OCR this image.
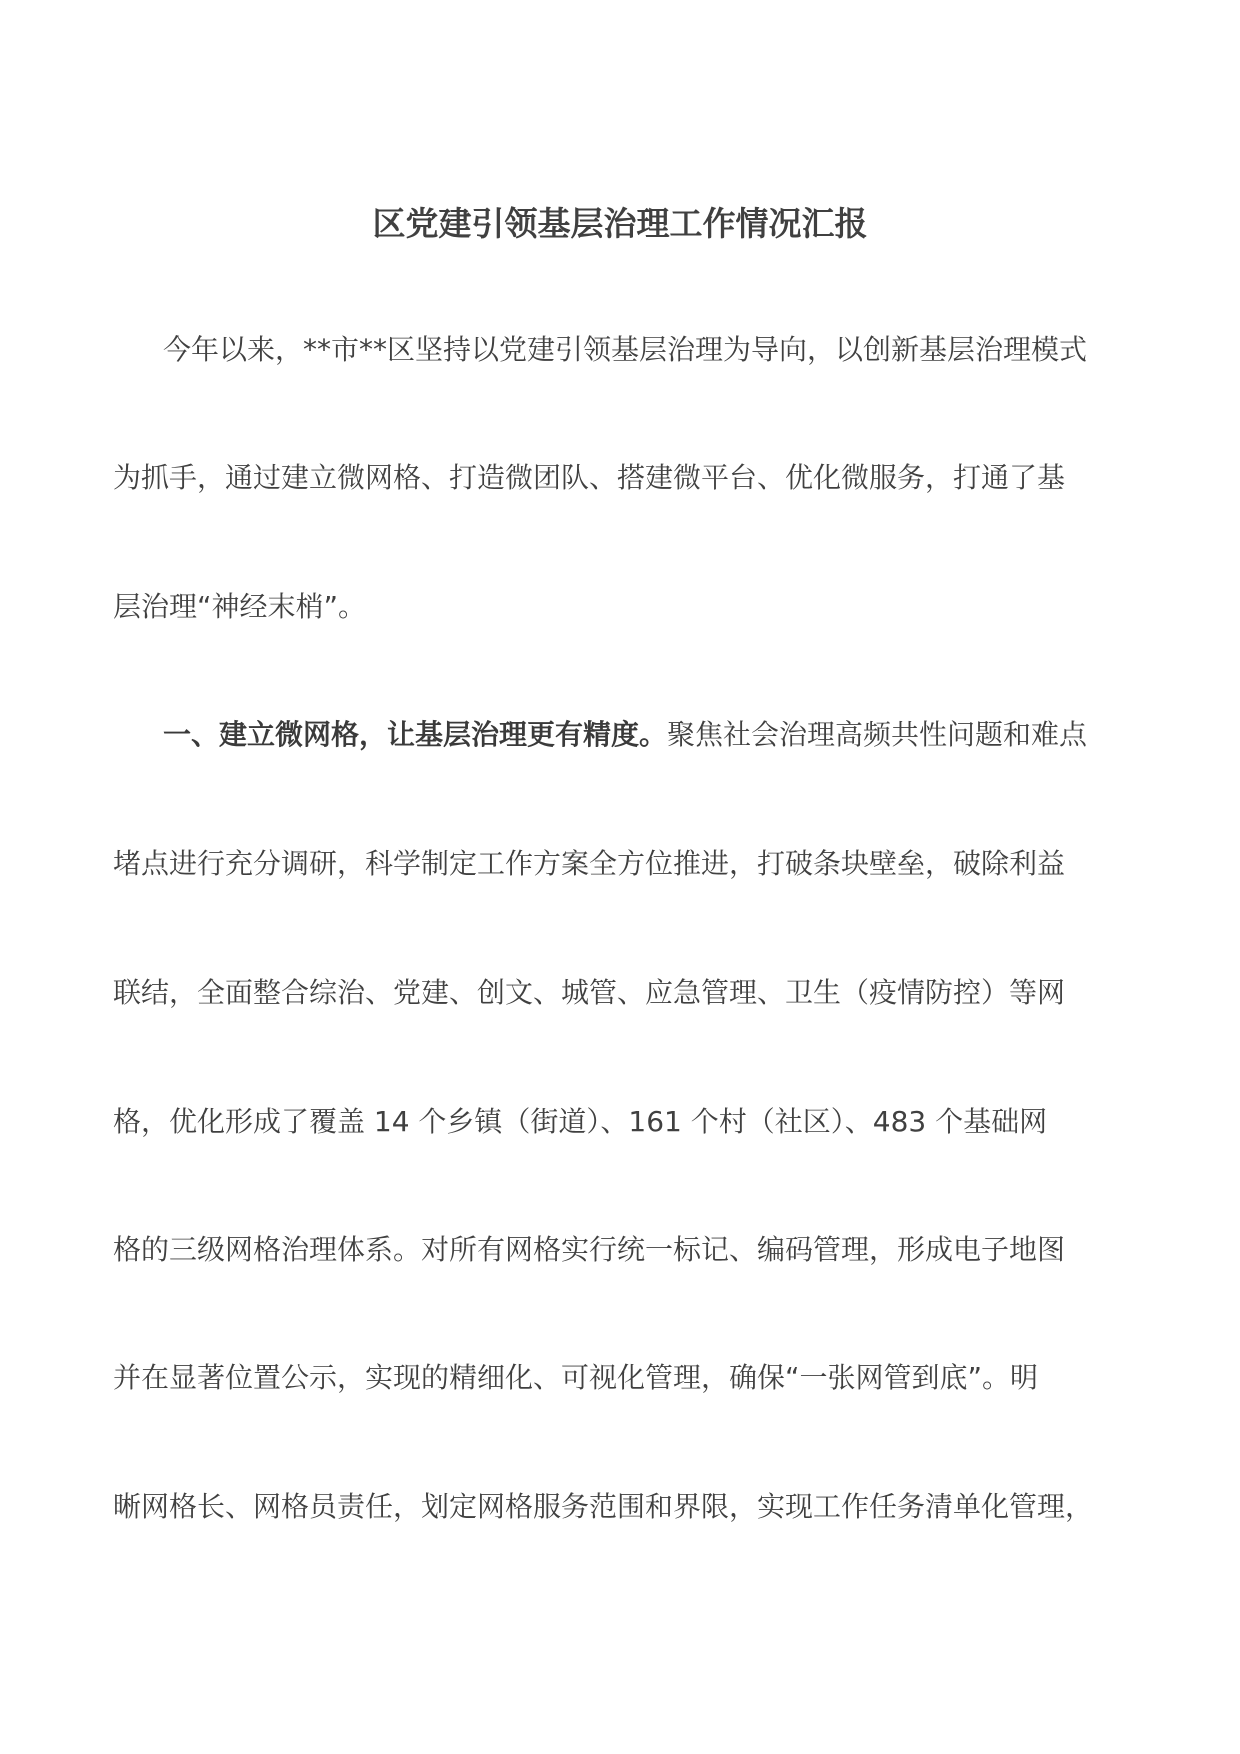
区党建引领基层治理工作情况汇报
今年以来，**市**区坚持以党建引领基层治理为导向，以创新基层治理模式
为抓手，通过建立微网格、打造微团队、搭建微平台、优化微服务，打通了基
层治理“神经末梢”。
一、建立微网格，让基层治理更有精度。聚焦社会治理高频共性问题和难点
堵点进行充分调研，科学制定工作方案全方位推进，打破条块壁垒，破除利益
联结，全面整合综治、党建、创文、城管、应急管理、卫生（疫情防控）等网
格，优化形成了覆盖 14 个乡镇（街道）、161 个村（社区）、483 个基础网
格的三级网格治理体系。对所有网格实行统一标记、编码管理，形成电子地图
并在显著位置公示，实现的精细化、可视化管理，确保“一张网管到底”。明
晰网格长、网格员责任，划定网格服务范围和界限，实现工作任务清单化管理，
